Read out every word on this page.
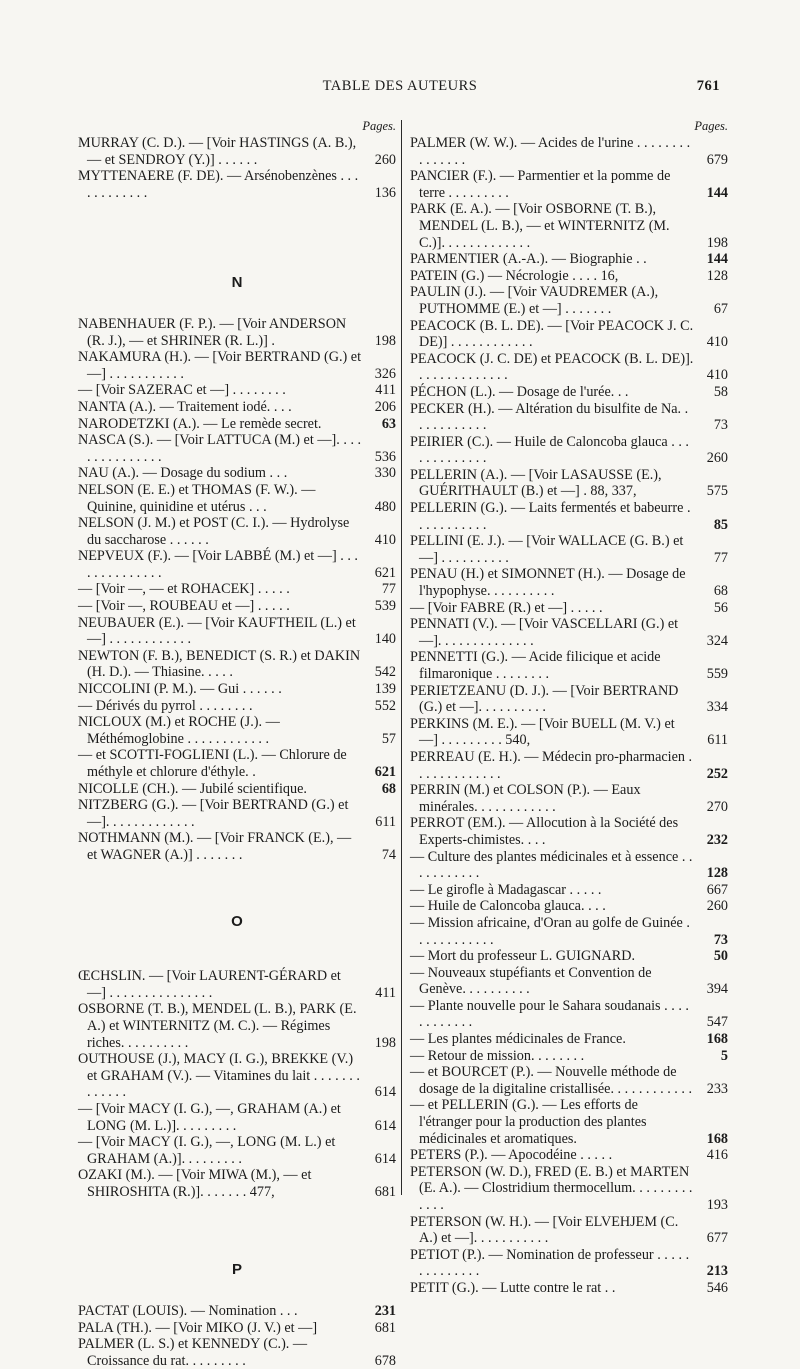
TABLE DES AUTEURS	761
Pages.

MURRAY (C. D.). — [Voir HASTINGS (A. B.), — et SENDROY (Y.)] . . . . . .	260

MYTTENAERE (F. DE). — Arsénobenzènes . . . . . . . . . . . .	136

N

NABENHAUER (F. P.). — [Voir ANDERSON (R. J.), — et SHRINER (R. L.)] .	198

NAKAMURA (H.). — [Voir BERTRAND (G.) et —] . . . . . . . . . . .	326

— [Voir SAZERAC et —] . . . . . . . .	411

NANTA (A.). — Traitement iodé. . . .	206

NARODETZKI (A.). — Le remède secret.	63

NASCA (S.). — [Voir LATTUCA (M.) et —]. . . . . . . . . . . . . . .	536

NAU (A.). — Dosage du sodium . . .	330

NELSON (E. E.) et THOMAS (F. W.). — Quinine, quinidine et utérus . . .	480

NELSON (J. M.) et POST (C. I.). — Hydrolyse du saccharose . . . . . .	410

NEPVEUX (F.). — [Voir LABBÉ (M.) et —] . . . . . . . . . . . . . .	621

— [Voir —, — et ROHACEK] . . . . .	77

— [Voir —, ROUBEAU et —] . . . . .	539

NEUBAUER (E.). — [Voir KAUFTHEIL (L.) et —] . . . . . . . . . . . .	140

NEWTON (F. B.), BENEDICT (S. R.) et DAKIN (H. D.). — Thiasine. . . . .	542

NICCOLINI (P. M.). — Gui . . . . . .	139

— Dérivés du pyrrol . . . . . . . .	552

NICLOUX (M.) et ROCHE (J.). — Méthémoglobine . . . . . . . . . . . .	57

— et SCOTTI-FOGLIENI (L.). — Chlorure de méthyle et chlorure d'éthyle. .	621

NICOLLE (CH.). — Jubilé scientifique.	68

NITZBERG (G.). — [Voir BERTRAND (G.) et —]. . . . . . . . . . . . .	611

NOTHMANN (M.). — [Voir FRANCK (E.), — et WAGNER (A.)] . . . . . . .	74

O

ŒCHSLIN. — [Voir LAURENT-GÉRARD et —] . . . . . . . . . . . . . . .	411

OSBORNE (T. B.), MENDEL (L. B.), PARK (E. A.) et WINTERNITZ (M. C.). — Régimes riches. . . . . . . . . .	198

OUTHOUSE (J.), MACY (I. G.), BREKKE (V.) et GRAHAM (V.). — Vitamines du lait . . . . . . . . . . . . .	614

— [Voir MACY (I. G.), —, GRAHAM (A.) et LONG (M. L.)]. . . . . . . . .	614

— [Voir MACY (I. G.), —, LONG (M. L.) et GRAHAM (A.)]. . . . . . . . .	614

OZAKI (M.). — [Voir MIWA (M.), — et SHIROSHITA (R.)]. . . . . . . 477,	681

P

PACTAT (LOUIS). — Nomination . . .	231

PALA (TH.). — [Voir MIKO (J. V.) et —]	681

PALMER (L. S.) et KENNEDY (C.). — Croissance du rat. . . . . . . . .	678

Pages.

PALMER (W. W.). — Acides de l'urine . . . . . . . . . . . . . . .	679

PANCIER (F.). — Parmentier et la pomme de terre . . . . . . . . .	144

PARK (E. A.). — [Voir OSBORNE (T. B.), MENDEL (L. B.), — et WINTERNITZ (M. C.)]. . . . . . . . . . . . .	198

PARMENTIER (A.-A.). — Biographie . .	144

PATEIN (G.) — Nécrologie . . . . 16,	128

PAULIN (J.). — [Voir VAUDREMER (A.), PUTHOMME (E.) et —] . . . . . . .	67

PEACOCK (B. L. DE). — [Voir PEACOCK J. C. DE)] . . . . . . . . . . . .	410

PEACOCK (J. C. DE) et PEACOCK (B. L. DE)]. . . . . . . . . . . . . .	410

PÉCHON (L.). — Dosage de l'urée. . .	58

PECKER (H.). — Altération du bisulfite de Na. . . . . . . . . . . .	73

PEIRIER (C.). — Huile de Caloncoba glauca . . . . . . . . . . . . .	260

PELLERIN (A.). — [Voir LASAUSSE (E.), GUÉRITHAULT (B.) et —] . 88, 337,	575

PELLERIN (G.). — Laits fermentés et babeurre . . . . . . . . . . .	85

PELLINI (E. J.). — [Voir WALLACE (G. B.) et —] . . . . . . . . . .	77

PENAU (H.) et SIMONNET (H.). — Dosage de l'hypophyse. . . . . . . . . .	68

— [Voir FABRE (R.) et —] . . . . .	56

PENNATI (V.). — [Voir VASCELLARI (G.) et —]. . . . . . . . . . . . . .	324

PENNETTI (G.). — Acide filicique et acide filmaronique . . . . . . . .	559

PERIETZEANU (D. J.). — [Voir BERTRAND (G.) et —]. . . . . . . . . .	334

PERKINS (M. E.). — [Voir BUELL (M. V.) et —] . . . . . . . . . 540,	611

PERREAU (E. H.). — Médecin pro-pharmacien . . . . . . . . . . . . .	252

PERRIN (M.) et COLSON (P.). — Eaux minérales. . . . . . . . . . . .	270

PERROT (EM.). — Allocution à la Société des Experts-chimistes. . . .	232

— Culture des plantes médicinales et à essence . . . . . . . . . . .	128

— Le girofle à Madagascar . . . . .	667

— Huile de Caloncoba glauca. . . .	260

— Mission africaine, d'Oran au golfe de Guinée . . . . . . . . . . . .	73

— Mort du professeur L. GUIGNARD.	50

— Nouveaux stupéfiants et Convention de Genève. . . . . . . . . .	394

— Plante nouvelle pour le Sahara soudanais . . . . . . . . . . . .	547

— Les plantes médicinales de France.	168

— Retour de mission. . . . . . . .	5

— et BOURCET (P.). — Nouvelle méthode de dosage de la digitaline cristallisée. . . . . . . . . . . . 233

— et PELLERIN (G.). — Les efforts de l'étranger pour la production des plantes médicinales et aromatiques.	168

PETERS (P.). — Apocodéine . . . . .	416

PETERSON (W. D.), FRED (E. B.) et MARTEN (E. A.). — Clostridium thermocellum. . . . . . . . . . . . .	193

PETERSON (W. H.). — [Voir ELVEHJEM (C. A.) et —]. . . . . . . . . . .	677

PETIOT (P.). — Nomination de professeur . . . . . . . . . . . . . .	213

PETIT (G.). — Lutte contre le rat . .	546
